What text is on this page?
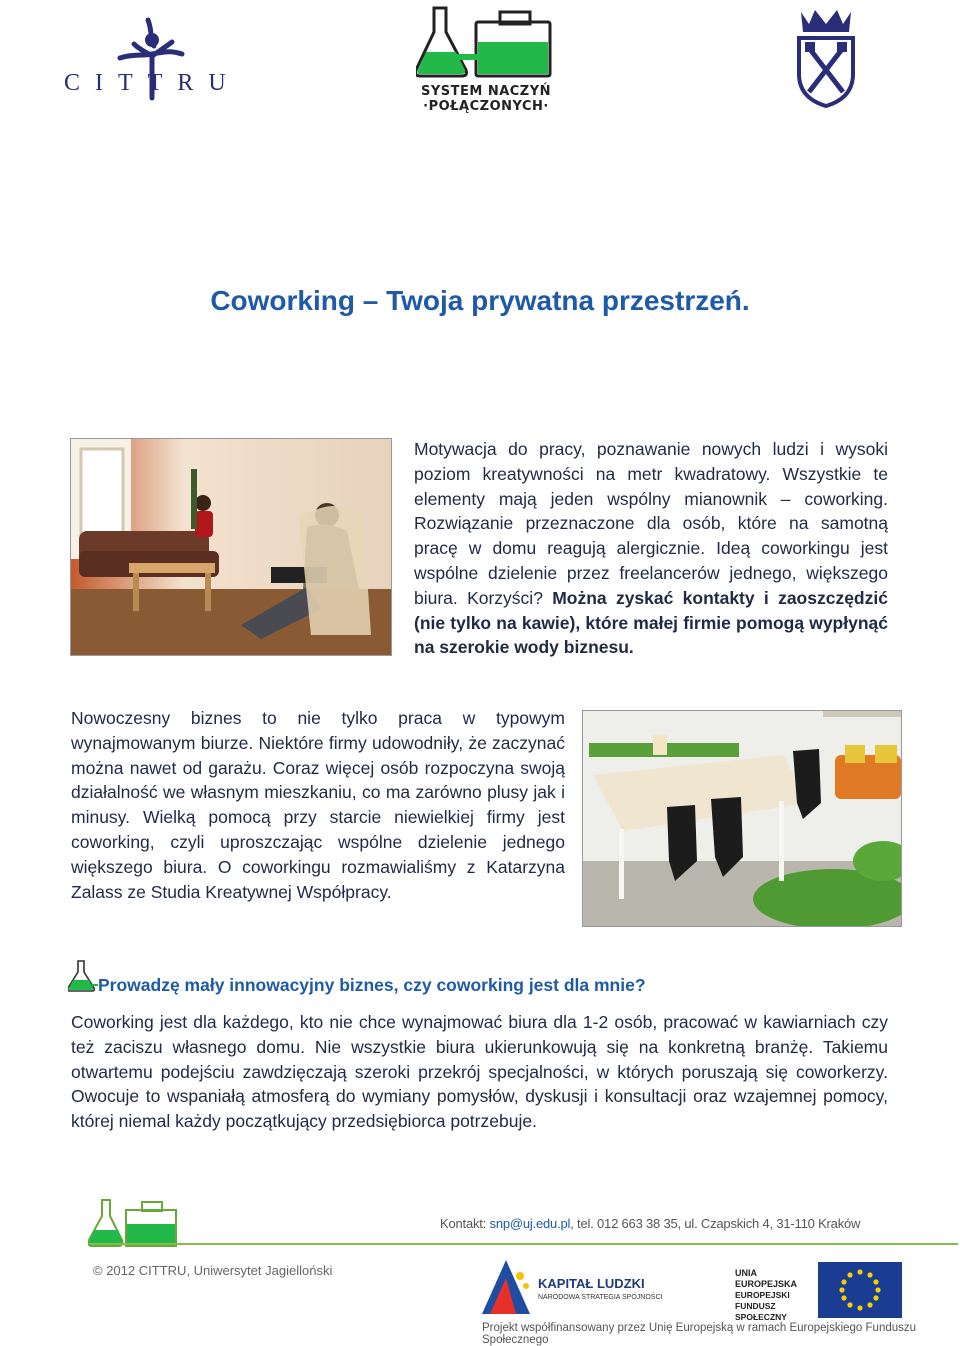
CITTRU	SYSTEM NACZYŃ
·POŁĄCZONYCH·
Coworking – Twoja prywatna przestrzeń.
Motywacja do pracy, poznawanie nowych ludzi i wysoki poziom kreatywności na metr kwadratowy. Wszystkie te elementy mają jeden wspólny mianownik – coworking. Rozwiązanie przeznaczone dla osób, które na samotną pracę w domu reagują alergicznie. Ideą coworkingu jest wspólne dzielenie przez freelancerów jednego, większego biura. Korzyści? Można zyskać kontakty i zaoszczędzić (nie tylko na kawie), które małej firmie pomogą wypłynąć na szerokie wody biznesu.
Nowoczesny biznes to nie tylko praca w typowym wynajmowanym biurze. Niektóre firmy udowodniły, że zaczynać można nawet od garażu. Coraz więcej osób rozpoczyna swoją działalność we własnym mieszkaniu, co ma zarówno plusy jak i minusy. Wielką pomocą przy starcie niewielkiej firmy jest coworking, czyli uproszczając wspólne dzielenie jednego większego biura. O coworkingu rozmawialiśmy z Katarzyna Zalass ze Studia Kreatywnej Współpracy.
Prowadzę mały innowacyjny biznes, czy coworking jest dla mnie?
Coworking jest dla każdego, kto nie chce wynajmować biura dla 1-2 osób, pracować w kawiarniach czy też zaciszu własnego domu. Nie wszystkie biura ukierunkowują się na konkretną branżę. Takiemu otwartemu podejściu zawdzięczają szeroki przekrój specjalności, w których poruszają się coworkerzy. Owocuje to wspaniałą atmosferą do wymiany pomysłów, dyskusji i konsultacji oraz wzajemnej pomocy, której niemal każdy początkujący przedsiębiorca potrzebuje.
Kontakt: snp@uj.edu.pl, tel. 012 663 38 35, ul. Czapskich 4, 31-110 Kraków
© 2012 CITTRU, Uniwersytet Jagielloński
KAPITAŁ LUDZKI
NARODOWA STRATEGIA SPÓJNOŚCI
UNIA EUROPEJSKA
EUROPEJSKI
FUNDUSZ SPOŁECZNY
Projekt współfinansowany przez Unię Europejską w ramach Europejskiego Funduszu Społecznego
